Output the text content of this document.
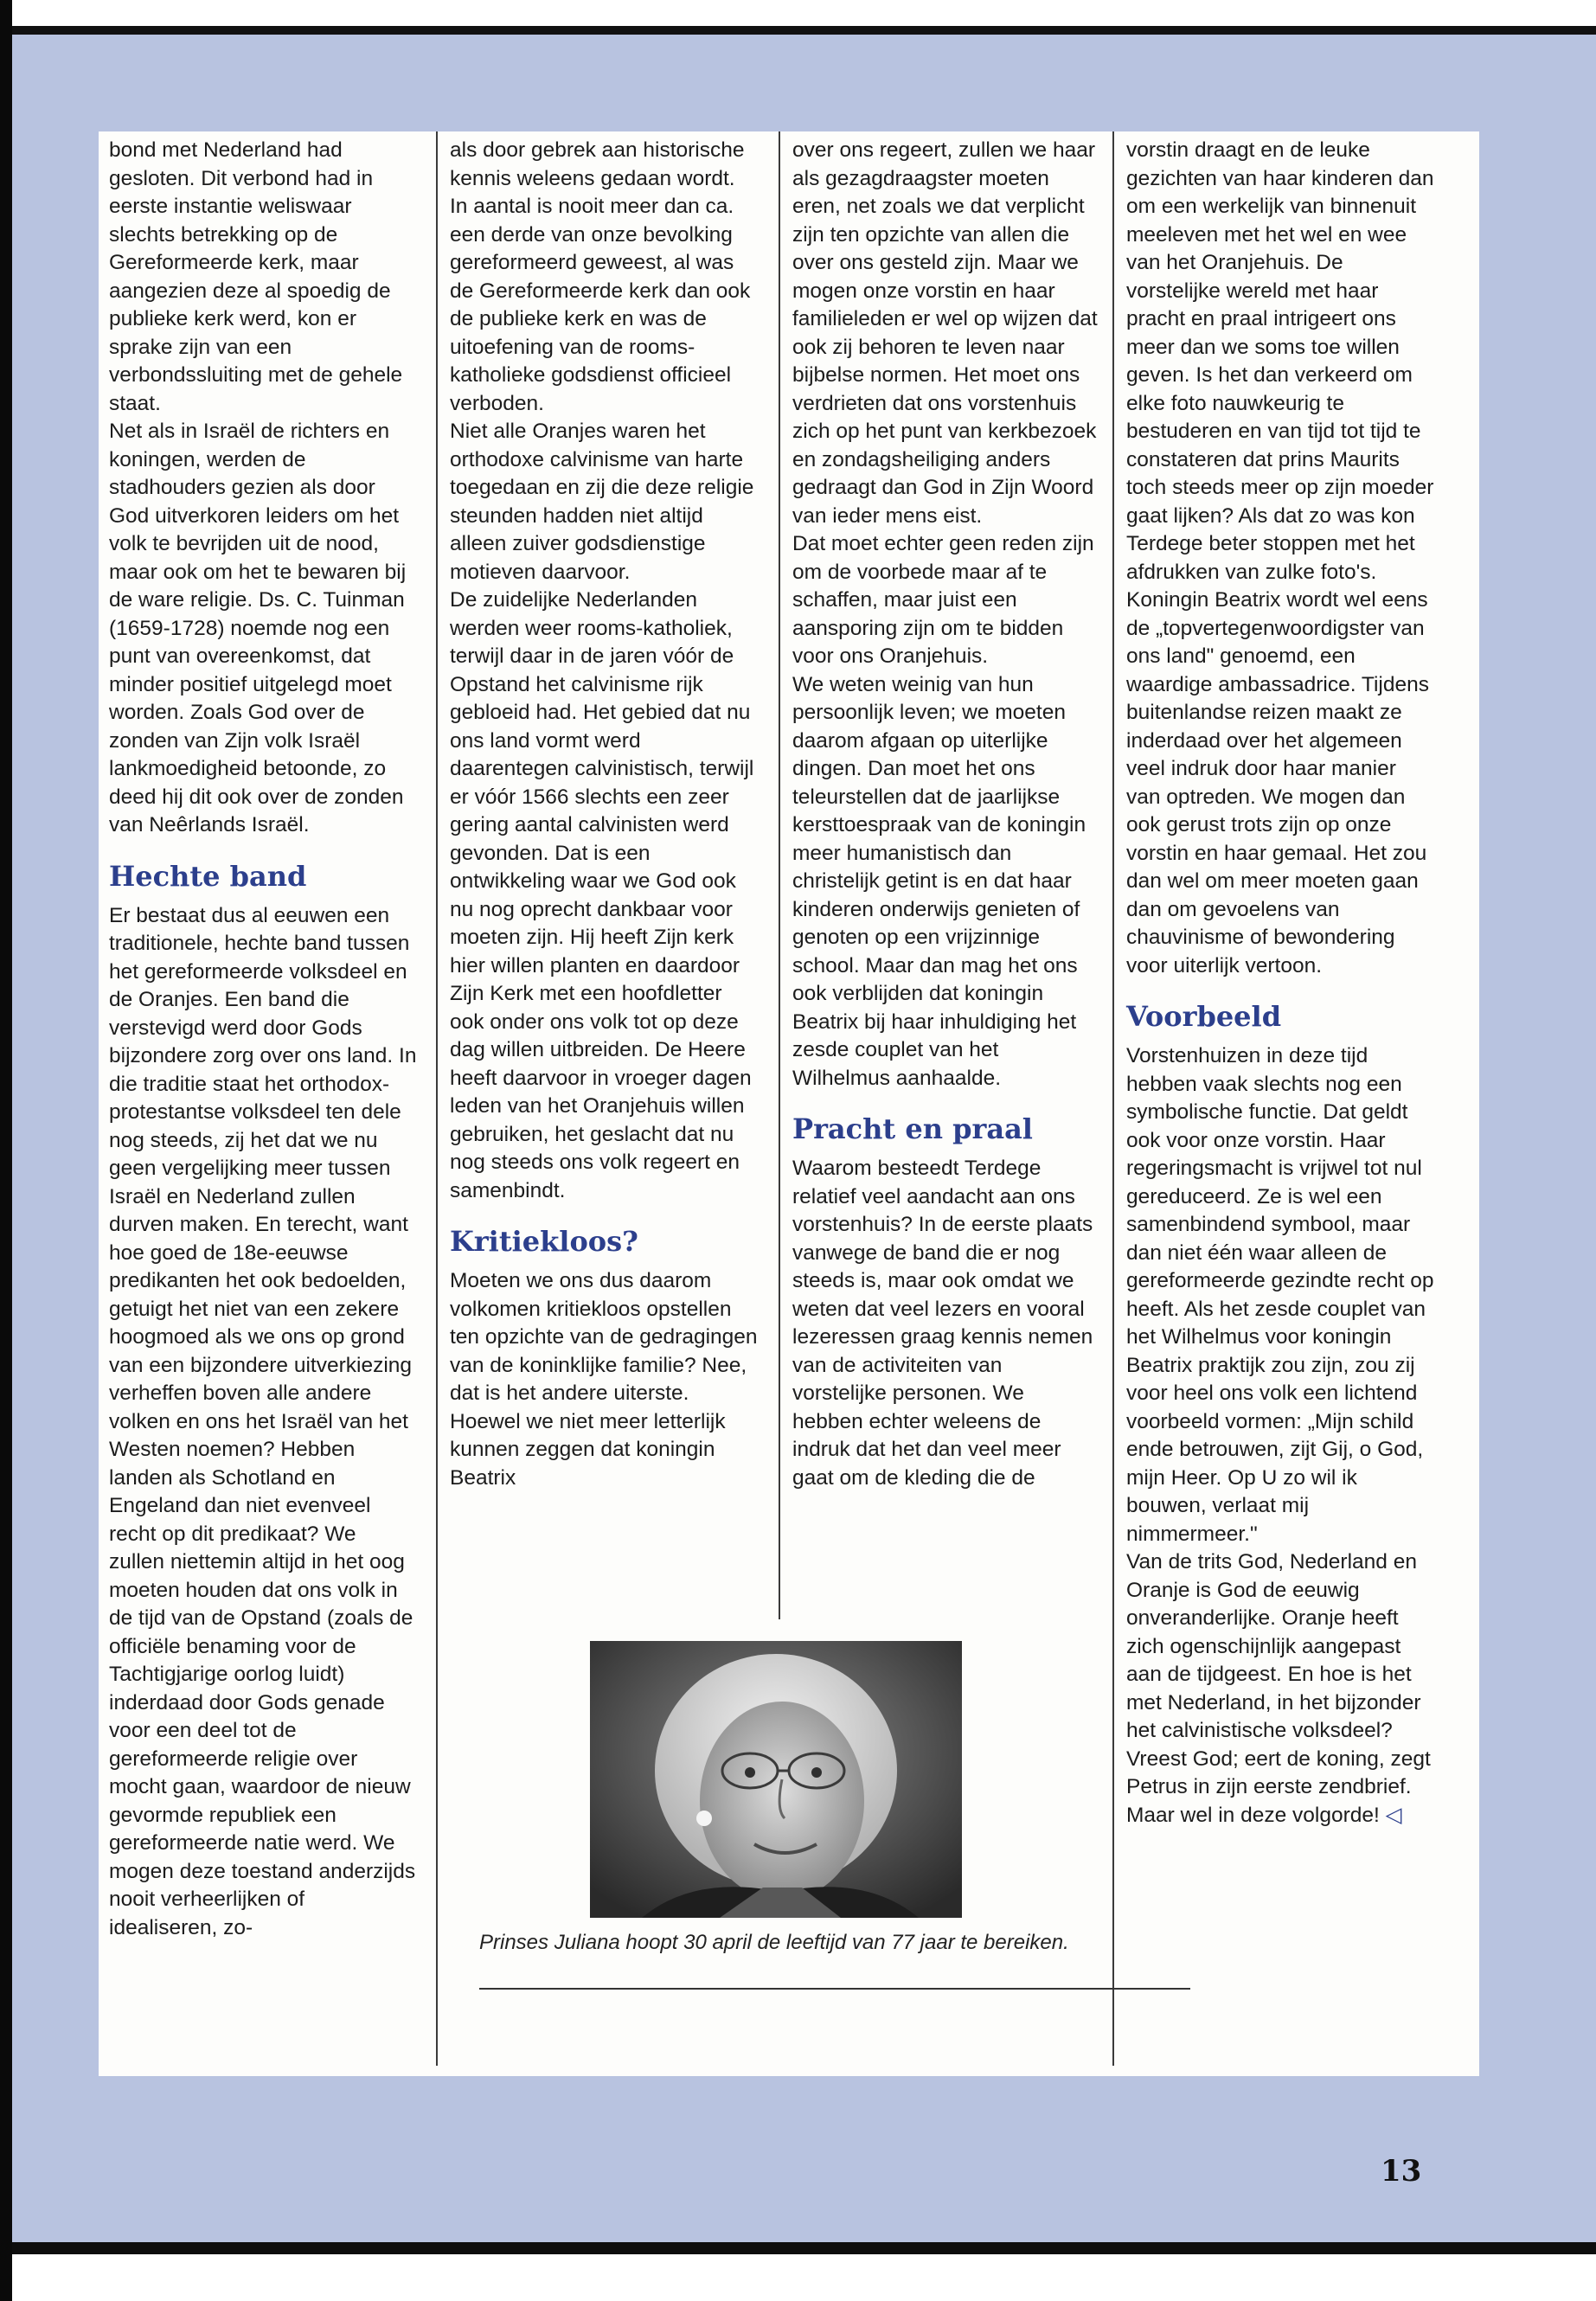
bond met Nederland had gesloten. Dit verbond had in eerste instantie weliswaar slechts betrekking op de Gereformeerde kerk, maar aangezien deze al spoedig de publieke kerk werd, kon er sprake zijn van een verbondssluiting met de gehele staat.

Net als in Israël de richters en koningen, werden de stadhouders gezien als door God uitverkoren leiders om het volk te bevrijden uit de nood, maar ook om het te bewaren bij de ware religie. Ds. C. Tuinman (1659-1728) noemde nog een punt van overeenkomst, dat minder positief uitgelegd moet worden. Zoals God over de zonden van Zijn volk Israël lankmoedigheid betoonde, zo deed hij dit ook over de zonden van Neêrlands Israël.

Hechte band

Er bestaat dus al eeuwen een traditionele, hechte band tussen het gereformeerde volksdeel en de Oranjes. Een band die verstevigd werd door Gods bijzondere zorg over ons land. In die traditie staat het orthodox-protestantse volksdeel ten dele nog steeds, zij het dat we nu geen vergelijking meer tussen Israël en Nederland zullen durven maken. En terecht, want hoe goed de 18e-eeuwse predikanten het ook bedoelden, getuigt het niet van een zekere hoogmoed als we ons op grond van een bijzondere uitverkiezing verheffen boven alle andere volken en ons het Israël van het Westen noemen? Hebben landen als Schotland en Engeland dan niet evenveel recht op dit predikaat? We zullen niettemin altijd in het oog moeten houden dat ons volk in de tijd van de Opstand (zoals de officiële benaming voor de Tachtigjarige oorlog luidt) inderdaad door Gods genade voor een deel tot de gereformeerde religie over mocht gaan, waardoor de nieuw gevormde republiek een gereformeerde natie werd. We mogen deze toestand anderzijds nooit verheerlijken of idealiseren, zo-

als door gebrek aan historische kennis weleens gedaan wordt. In aantal is nooit meer dan ca. een derde van onze bevolking gereformeerd geweest, al was de Gereformeerde kerk dan ook de publieke kerk en was de uitoefening van de rooms-katholieke godsdienst officieel verboden.

Niet alle Oranjes waren het orthodoxe calvinisme van harte toegedaan en zij die deze religie steunden hadden niet altijd alleen zuiver godsdienstige motieven daarvoor.

De zuidelijke Nederlanden werden weer rooms-katholiek, terwijl daar in de jaren vóór de Opstand het calvinisme rijk gebloeid had. Het gebied dat nu ons land vormt werd daarentegen calvinistisch, terwijl er vóór 1566 slechts een zeer gering aantal calvinisten werd gevonden. Dat is een ontwikkeling waar we God ook nu nog oprecht dankbaar voor moeten zijn. Hij heeft Zijn kerk hier willen planten en daardoor Zijn Kerk met een hoofdletter ook onder ons volk tot op deze dag willen uitbreiden. De Heere heeft daarvoor in vroeger dagen leden van het Oranjehuis willen gebruiken, het geslacht dat nu nog steeds ons volk regeert en samenbindt.

Kritiekloos?

Moeten we ons dus daarom volkomen kritiekloos opstellen ten opzichte van de gedragingen van de koninklijke familie? Nee, dat is het andere uiterste. Hoewel we niet meer letterlijk kunnen zeggen dat koningin Beatrix

over ons regeert, zullen we haar als gezagdraagster moeten eren, net zoals we dat verplicht zijn ten opzichte van allen die over ons gesteld zijn. Maar we mogen onze vorstin en haar familieleden er wel op wijzen dat ook zij behoren te leven naar bijbelse normen. Het moet ons verdrieten dat ons vorstenhuis zich op het punt van kerkbezoek en zondagsheiliging anders gedraagt dan God in Zijn Woord van ieder mens eist.

Dat moet echter geen reden zijn om de voorbede maar af te schaffen, maar juist een aansporing zijn om te bidden voor ons Oranjehuis.

We weten weinig van hun persoonlijk leven; we moeten daarom afgaan op uiterlijke dingen. Dan moet het ons teleurstellen dat de jaarlijkse kersttoespraak van de koningin meer humanistisch dan christelijk getint is en dat haar kinderen onderwijs genieten of genoten op een vrijzinnige school. Maar dan mag het ons ook verblijden dat koningin Beatrix bij haar inhuldiging het zesde couplet van het Wilhelmus aanhaalde.

Pracht en praal

Waarom besteedt Terdege relatief veel aandacht aan ons vorstenhuis? In de eerste plaats vanwege de band die er nog steeds is, maar ook omdat we weten dat veel lezers en vooral lezeressen graag kennis nemen van de activiteiten van vorstelijke personen. We hebben echter weleens de indruk dat het dan veel meer gaat om de kleding die de

vorstin draagt en de leuke gezichten van haar kinderen dan om een werkelijk van binnenuit meeleven met het wel en wee van het Oranjehuis. De vorstelijke wereld met haar pracht en praal intrigeert ons meer dan we soms toe willen geven. Is het dan verkeerd om elke foto nauwkeurig te bestuderen en van tijd tot tijd te constateren dat prins Maurits toch steeds meer op zijn moeder gaat lijken? Als dat zo was kon Terdege beter stoppen met het afdrukken van zulke foto's.

Koningin Beatrix wordt wel eens de „topvertegenwoordigster van ons land" genoemd, een waardige ambassadrice. Tijdens buitenlandse reizen maakt ze inderdaad over het algemeen veel indruk door haar manier van optreden. We mogen dan ook gerust trots zijn op onze vorstin en haar gemaal. Het zou dan wel om meer moeten gaan dan om gevoelens van chauvinisme of bewondering voor uiterlijk vertoon.

Voorbeeld

Vorstenhuizen in deze tijd hebben vaak slechts nog een symbolische functie. Dat geldt ook voor onze vorstin. Haar regeringsmacht is vrijwel tot nul gereduceerd. Ze is wel een samenbindend symbool, maar dan niet één waar alleen de gereformeerde gezindte recht op heeft. Als het zesde couplet van het Wilhelmus voor koningin Beatrix praktijk zou zijn, zou zij voor heel ons volk een lichtend voorbeeld vormen: „Mijn schild ende betrouwen, zijt Gij, o God, mijn Heer. Op U zo wil ik bouwen, verlaat mij nimmermeer."

Van de trits God, Nederland en Oranje is God de eeuwig onveranderlijke. Oranje heeft zich ogenschijnlijk aangepast aan de tijdgeest. En hoe is het met Nederland, in het bijzonder het calvinistische volksdeel? Vreest God; eert de koning, zegt Petrus in zijn eerste zendbrief. Maar wel in deze volgorde! ◁

Prinses Juliana hoopt 30 april de leeftijd van 77 jaar te bereiken.
13
